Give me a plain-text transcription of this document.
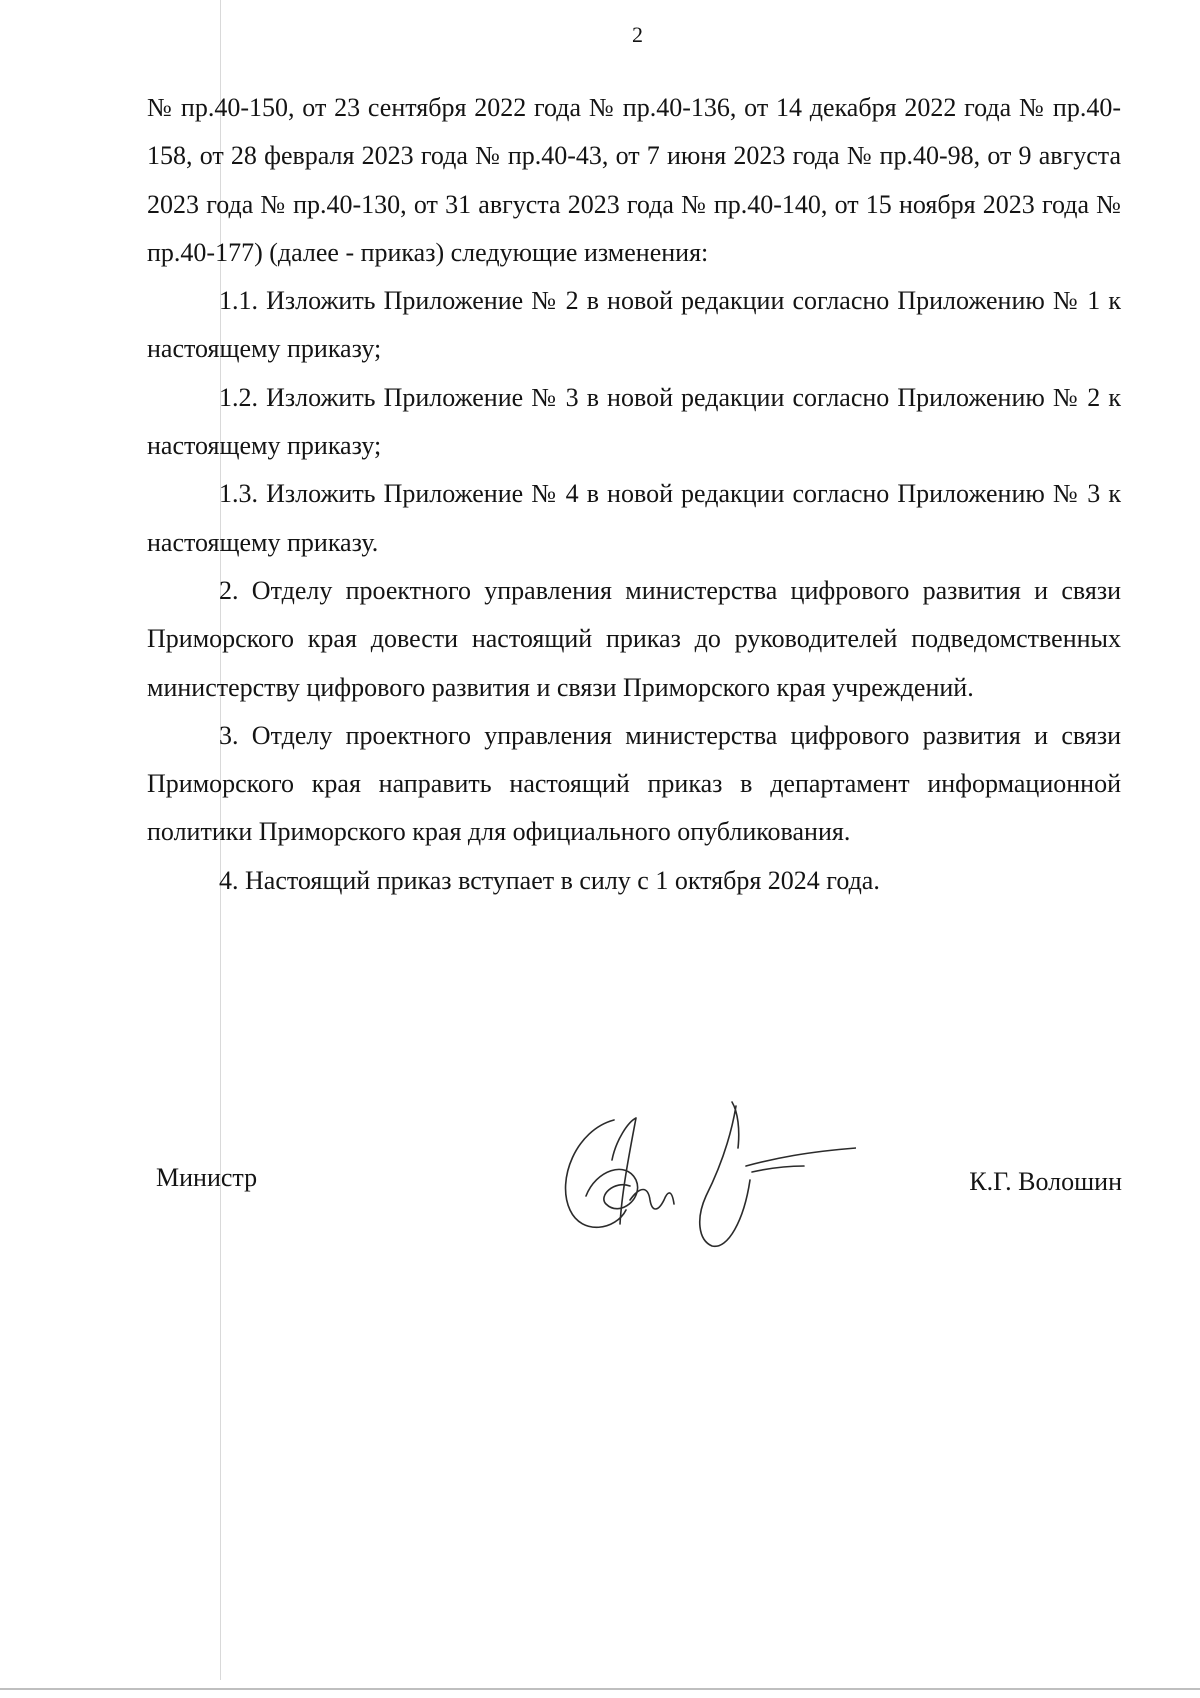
2

№ пр.40-150, от 23 сентября 2022 года № пр.40-136, от 14 декабря 2022 года № пр.40-158, от 28 февраля 2023 года № пр.40-43, от 7 июня 2023 года № пр.40-98, от 9 августа 2023 года № пр.40-130, от 31 августа 2023 года № пр.40-140, от 15 ноября 2023 года № пр.40-177) (далее - приказ) следующие изменения:

1.1. Изложить Приложение № 2 в новой редакции согласно Приложению № 1 к настоящему приказу;

1.2. Изложить Приложение № 3 в новой редакции согласно Приложению № 2 к настоящему приказу;

1.3. Изложить Приложение № 4 в новой редакции согласно Приложению № 3 к настоящему приказу.

2. Отделу проектного управления министерства цифрового развития и связи Приморского края довести настоящий приказ до руководителей подведомственных министерству цифрового развития и связи Приморского края учреждений.

3. Отделу проектного управления министерства цифрового развития и связи Приморского края направить настоящий приказ в департамент информационной политики Приморского края для официального опубликования.

4. Настоящий приказ вступает в силу с 1 октября 2024 года.

Министр	К.Г. Волошин
